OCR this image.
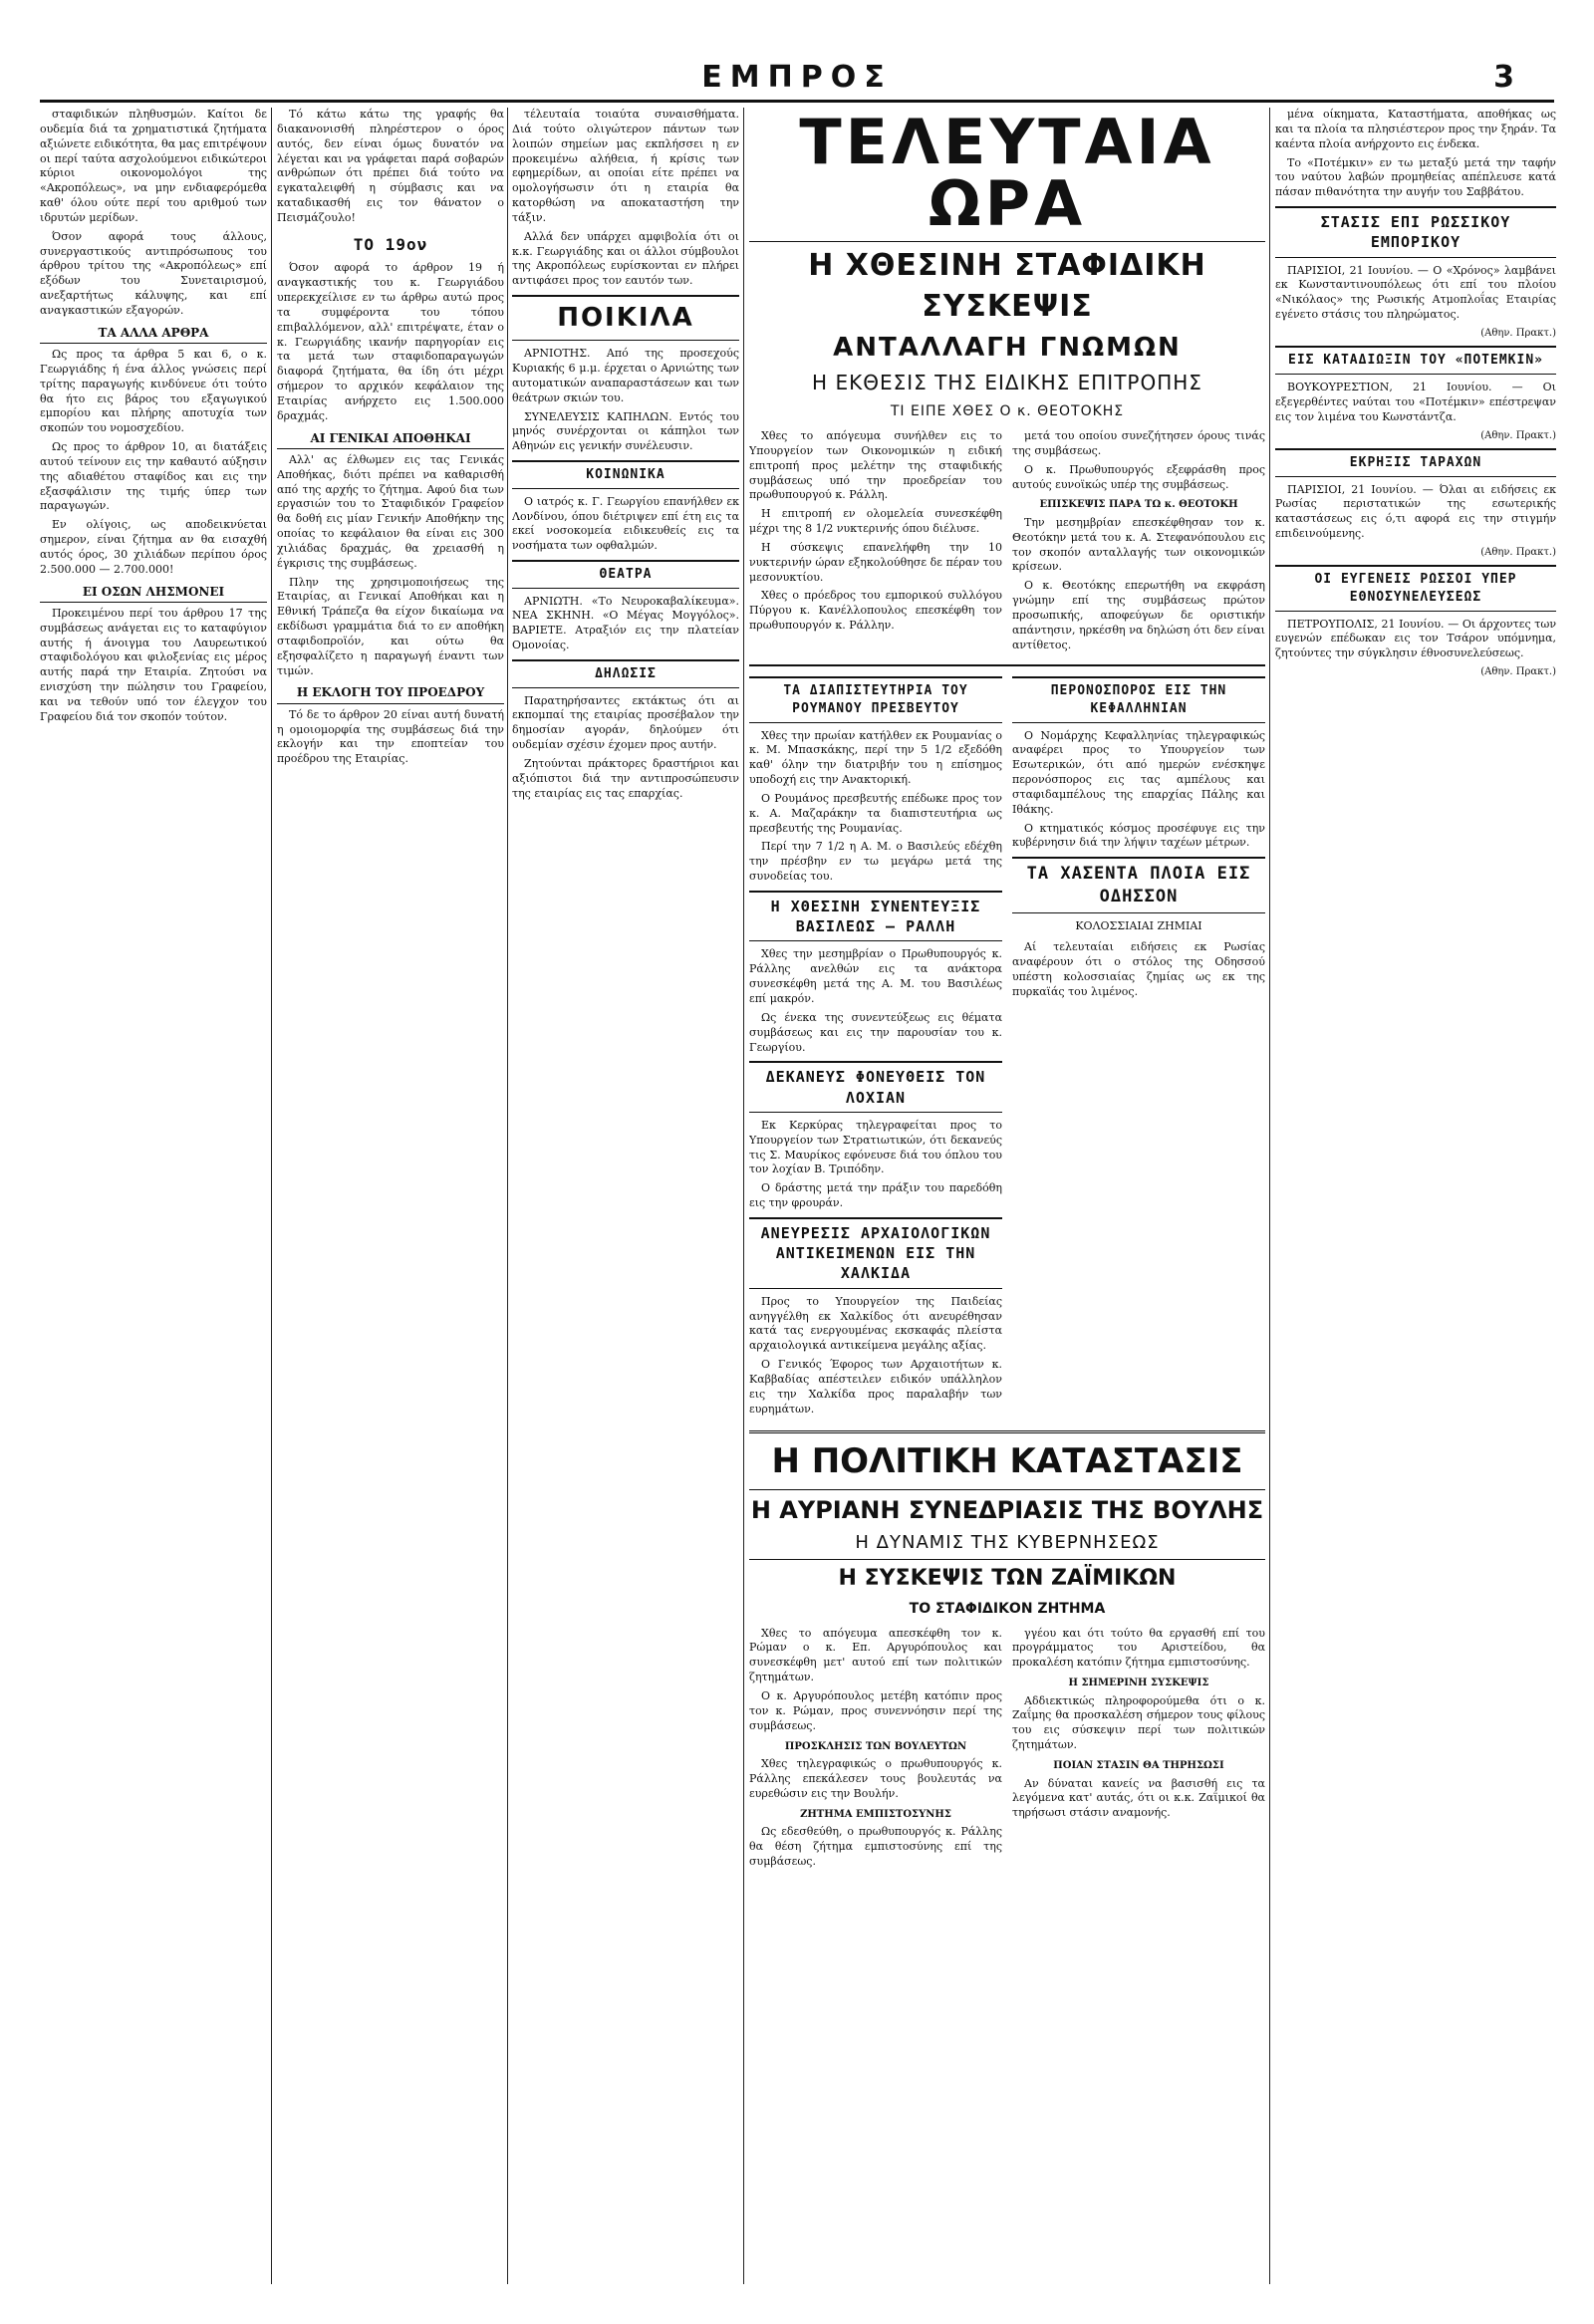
ΕΜΠΡΟΣ	3

σταφιδικών πληθυσμών. Καίτοι δε ουδεμία διά τα χρηματιστικά ζητήματα αξιώνετε ειδικότητα, θα μας επιτρέψουν οι περί ταύτα ασχολούμενοι ειδικώτεροι κύριοι οικονομολόγοι της «Ακροπόλεως», να μην ενδιαφερόμεθα καθ' όλου ούτε περί του αριθμού των ιδρυτών μερίδων.

Όσον αφορά τους άλλους, συνεργαστικούς αντιπρόσωπους του άρθρου τρίτου της «Ακροπόλεως» επί εξόδων του Συνεταιρισμού, ανεξαρτήτως κάλυψης, και επί αναγκαστικών εξαγορών.

ΤΑ ΑΛΛΑ ΑΡΘΡΑ

Ως προς τα άρθρα 5 και 6, ο κ. Γεωργιάδης ή ένα άλλος γνώσεις περί τρίτης παραγωγής κινδύνευε ότι τούτο θα ήτο εις βάρος του εξαγωγικού εμπορίου και πλήρης αποτυχία των σκοπών του νομοσχεδίου.

Ως προς το άρθρον 10, αι διατάξεις αυτού τείνουν εις την καθαυτό αύξησιν της αδιαθέτου σταφίδος και εις την εξασφάλισιν της τιμής ύπερ των παραγωγών.

Εν ολίγοις, ως αποδεικνύεται σημερον, είναι ζήτημα αν θα εισαχθή αυτός όρος, 30 χιλιάδων περίπου όρος 2.500.000 — 2.700.000!

ΕΙ ΟΣΩΝ ΛΗΣΜΟΝΕΙ

Προκειμένου περί του άρθρου 17 της συμβάσεως ανάγεται εις το καταφύγιον αυτής ή άνοιγμα του Λαυρεωτικού σταφιδολόγου και φιλοξενίας εις μέρος αυτής παρά την Εταιρία. Ζητούσι να ενισχύση την πώλησιν του Γραφείου, και να τεθούν υπό τον έλεγχον του Γραφείου διά τον σκοπόν τούτον.

Τό κάτω κάτω της γραφής θα διακανονισθή πληρέστερον ο όρος αυτός, δεν είναι όμως δυνατόν να λέγεται και να γράφεται παρά σοβαρών ανθρώπων ότι πρέπει διά τούτο να εγκαταλειφθή η σύμβασις και να καταδικασθή εις τον θάνατον ο Πεισμάζουλο!

ΤΟ 19ον

Όσον αφορά το άρθρον 19 ή αναγκαστικής του κ. Γεωργιάδου υπερεκχείλισε εν τω άρθρω αυτώ προς τα συμφέροντα του τόπου επιβαλλόμενον, αλλ' επιτρέψατε, έταν ο κ. Γεωργιάδης ικανήν παρηγορίαν εις τα μετά των σταφιδοπαραγωγών διαφορά ζητήματα, θα ίδη ότι μέχρι σήμερον το αρχικόν κεφάλαιον της Εταιρίας ανήρχετο εις 1.500.000 δραχμάς.

ΑΙ ΓΕΝΙΚΑΙ ΑΠΟΘΗΚΑΙ

Αλλ' ας έλθωμεν εις τας Γενικάς Αποθήκας, διότι πρέπει να καθαρισθή από της αρχής το ζήτημα. Αφού δια των εργασιών του το Σταφιδικόν Γραφείον θα δοθή εις μίαν Γενικήν Αποθήκην της οποίας το κεφάλαιον θα είναι εις 300 χιλιάδας δραχμάς, θα χρειασθή η έγκρισις της συμβάσεως.

Πλην της χρησιμοποιήσεως της Εταιρίας, αι Γενικαί Αποθήκαι και η Εθνική Τράπεζα θα είχον δικαίωμα να εκδίδωσι γραμμάτια διά το εν αποθήκη σταφιδοπροϊόν, και ούτω θα εξησφαλίζετο η παραγωγή έναντι των τιμών.

Η ΕΚΛΟΓΗ ΤΟΥ ΠΡΟΕΔΡΟΥ

Τό δε το άρθρον 20 είναι αυτή δυνατή η ομοιομορφία της συμβάσεως διά την εκλογήν και την εποπτείαν του προέδρου της Εταιρίας.

τέλευταία τοιαύτα συναισθήματα. Διά τούτο ολιγώτερον πάντων των λοιπών σημείων μας εκπλήσσει η εν προκειμένω αλήθεια, ή κρίσις των εφημερίδων, αι οποίαι είτε πρέπει να ομολογήσωσιν ότι η εταιρία θα κατορθώση να αποκαταστήση την τάξιν.

Αλλά δεν υπάρχει αμφιβολία ότι οι κ.κ. Γεωργιάδης και οι άλλοι σύμβουλοι της Ακροπόλεως ευρίσκονται εν πλήρει αντιφάσει προς τον εαυτόν των.

ΠΟΙΚΙΛΑ

ΑΡΝΙΟΤΗΣ. Από της προσεχούς Κυριακής 6 μ.μ. έρχεται ο Αρνιώτης των αυτοματικών αναπαραστάσεων και των θεάτρων σκιών του.

ΣΥΝΕΛΕΥΣΙΣ ΚΑΠΗΛΩΝ. Εντός του μηνός συνέρχονται οι κάπηλοι των Αθηνών εις γενικήν συνέλευσιν.

ΚΟΙΝΩΝΙΚΑ

Ο ιατρός κ. Γ. Γεωργίου επανήλθεν εκ Λονδίνου, όπου διέτριψεν επί έτη εις τα εκεί νοσοκομεία ειδικευθείς εις τα νοσήματα των οφθαλμών.

ΘΕΑΤΡΑ

ΑΡΝΙΩΤΗ. «Το Νευροκαβαλίκευμα». ΝΕΑ ΣΚΗΝΗ. «Ο Μέγας Μογγόλος». ΒΑΡΙΕΤΕ. Ατραξιόν εις την πλατείαν Ομονοίας.

ΔΗΛΩΣΙΣ

Παρατηρήσαντες εκτάκτως ότι αι εκπομπαί της εταιρίας προσέβαλον την δημοσίαν αγοράν, δηλούμεν ότι ουδεμίαν σχέσιν έχομεν προς αυτήν.

Ζητούνται πράκτορες δραστήριοι και αξιόπιστοι διά την αντιπροσώπευσιν της εταιρίας εις τας επαρχίας.

ΤΕΛΕΥΤΑΙΑ ΩΡΑ
Η ΧΘΕΣΙΝΗ ΣΤΑΦΙΔΙΚΗ ΣΥΣΚΕΨΙΣ
ΑΝΤΑΛΛΑΓΗ ΓΝΩΜΩΝ
Η ΕΚΘΕΣΙΣ ΤΗΣ ΕΙΔΙΚΗΣ ΕΠΙΤΡΟΠΗΣ
ΤΙ ΕΙΠΕ ΧΘΕΣ Ο κ. ΘΕΟΤΟΚΗΣ

Χθες το απόγευμα συνήλθεν εις το Υπουργείον των Οικονομικών η ειδική επιτροπή προς μελέτην της σταφιδικής συμβάσεως υπό την προεδρείαν του πρωθυπουργού κ. Ράλλη.

Η επιτροπή εν ολομελεία συνεσκέφθη μέχρι της 8 1/2 νυκτερινής όπου διέλυσε.

Η σύσκεψις επανελήφθη την 10 νυκτερινήν ώραν εξηκολούθησε δε πέραν του μεσονυκτίου.

Χθες ο πρόεδρος του εμπορικού συλλόγου Πύργου κ. Κανέλλοπουλος επεσκέφθη τον πρωθυπουργόν κ. Ράλλην.

μετά του οποίου συνεζήτησεν όρους τινάς της συμβάσεως.

Ο κ. Πρωθυπουργός εξεφράσθη προς αυτούς ευνοϊκώς υπέρ της συμβάσεως.

ΕΠΙΣΚΕΨΙΣ ΠΑΡΑ ΤΩ κ. ΘΕΟΤΟΚΗ

Την μεσημβρίαν επεσκέφθησαν τον κ. Θεοτόκην μετά του κ. Α. Στεφανόπουλου εις τον σκοπόν ανταλλαγής των οικονομικών κρίσεων.

Ο κ. Θεοτόκης επερωτήθη να εκφράση γνώμην επί της συμβάσεως πρώτον προσωπικής, αποφεύγων δε οριστικήν απάντησιν, ηρκέσθη να δηλώση ότι δεν είναι αντίθετος.

ΤΑ ΔΙΑΠΙΣΤΕΥΤΗΡΙΑ ΤΟΥ ΡΟΥΜΑΝΟΥ ΠΡΕΣΒΕΥΤΟΥ

Χθες την πρωίαν κατήλθεν εκ Ρουμανίας ο κ. Μ. Μπασκάκης, περί την 5 1/2 εξεδόθη καθ' όλην την διατριβήν του η επίσημος υποδοχή εις την Ανακτορική.

Ο Ρουμάνος πρεσβευτής επέδωκε προς τον κ. Α. Μαζαράκην τα διαπιστευτήρια ως πρεσβευτής της Ρουμανίας.

Περί την 7 1/2 η Α. Μ. ο Βασιλεύς εδέχθη την πρέσβην εν τω μεγάρω μετά της συνοδείας του.

Η ΧΘΕΣΙΝΗ ΣΥΝΕΝΤΕΥΞΙΣ ΒΑΣΙΛΕΩΣ — ΡΑΛΛΗ

Χθες την μεσημβρίαν ο Πρωθυπουργός κ. Ράλλης ανελθών εις τα ανάκτορα συνεσκέφθη μετά της Α. Μ. του Βασιλέως επί μακρόν.

Ως ένεκα της συνεντεύξεως εις θέματα συμβάσεως και εις την παρουσίαν του κ. Γεωργίου.

ΔΕΚΑΝΕΥΣ ΦΟΝΕΥΘΕΙΣ ΤΟΝ ΛΟΧΙΑΝ

Εκ Κερκύρας τηλεγραφείται προς το Υπουργείον των Στρατιωτικών, ότι δεκανεύς τις Σ. Μαυρίκος εφόνευσε διά του όπλου του τον λοχίαν Β. Τριπόδην.

Ο δράστης μετά την πράξιν του παρεδόθη εις την φρουράν.

ΑΝΕΥΡΕΣΙΣ ΑΡΧΑΙΟΛΟΓΙΚΩΝ ΑΝΤΙΚΕΙΜΕΝΩΝ ΕΙΣ ΤΗΝ ΧΑΛΚΙΔΑ

Προς το Υπουργείον της Παιδείας ανηγγέλθη εκ Χαλκίδος ότι ανευρέθησαν κατά τας ενεργουμένας εκσκαφάς πλείστα αρχαιολογικά αντικείμενα μεγάλης αξίας.

Ο Γενικός Έφορος των Αρχαιοτήτων κ. Καββαδίας απέστειλεν ειδικόν υπάλληλον εις την Χαλκίδα προς παραλαβήν των ευρημάτων.

ΠΕΡΟΝΟΣΠΟΡΟΣ ΕΙΣ ΤΗΝ ΚΕΦΑΛΛΗΝΙΑΝ

Ο Νομάρχης Κεφαλληνίας τηλεγραφικώς αναφέρει προς το Υπουργείον των Εσωτερικών, ότι από ημερών ενέσκηψε περονόσπορος εις τας αμπέλους και σταφιδαμπέλους της επαρχίας Πάλης και Ιθάκης.

Ο κτηματικός κόσμος προσέφυγε εις την κυβέρνησιν διά την λήψιν ταχέων μέτρων.

ΤΑ ΧΑΣΕΝΤΑ ΠΛΟΙΑ ΕΙΣ ΟΔΗΣΣΟΝ
ΚΟΛΟΣΣΙΑΙΑΙ ΖΗΜΙΑΙ

Αί τελευταίαι ειδήσεις εκ Ρωσίας αναφέρουν ότι ο στόλος της Οδησσού υπέστη κολοσσιαίας ζημίας ως εκ της πυρκαϊάς του λιμένος.

Η ΠΟΛΙΤΙΚΗ ΚΑΤΑΣΤΑΣΙΣ
Η ΑΥΡΙΑΝΗ ΣΥΝΕΔΡΙΑΣΙΣ ΤΗΣ ΒΟΥΛΗΣ
Η ΔΥΝΑΜΙΣ ΤΗΣ ΚΥΒΕΡΝΗΣΕΩΣ
Η ΣΥΣΚΕΨΙΣ ΤΩΝ ΖΑΪΜΙΚΩΝ
ΤΟ ΣΤΑΦΙΔΙΚΟΝ ΖΗΤΗΜΑ

Χθες το απόγευμα απεσκέφθη τον κ. Ρώμαν ο κ. Επ. Αργυρόπουλος και συνεσκέφθη μετ' αυτού επί των πολιτικών ζητημάτων.

Ο κ. Αργυρόπουλος μετέβη κατόπιν προς τον κ. Ρώμαν, προς συνεννόησιν περί της συμβάσεως.

ΠΡΟΣΚΛΗΣΙΣ ΤΩΝ ΒΟΥΛΕΥΤΩΝ

Χθες τηλεγραφικώς ο πρωθυπουργός κ. Ράλλης επεκάλεσεν τους βουλευτάς να ευρεθώσιν εις την Βουλήν.

ΖΗΤΗΜΑ ΕΜΠΙΣΤΟΣΥΝΗΣ

Ως εδεσθεύθη, ο πρωθυπουργός κ. Ράλλης θα θέση ζήτημα εμπιστοσύνης επί της συμβάσεως.

γγέου και ότι τούτο θα εργασθή επί του προγράμματος του Αριστείδου, θα προκαλέση κατόπιν ζήτημα εμπιστοσύνης.

Η ΣΗΜΕΡΙΝΗ ΣΥΣΚΕΨΙΣ

Αδδιεκτικώς πληροφορούμεθα ότι ο κ. Ζαΐμης θα προσκαλέση σήμερον τους φίλους του εις σύσκεψιν περί των πολιτικών ζητημάτων.

ΠΟΙΑΝ ΣΤΑΣΙΝ ΘΑ ΤΗΡΗΣΩΣΙ

Αν δύναται κανείς να βασισθή εις τα λεγόμενα κατ' αυτάς, ότι οι κ.κ. Ζαΐμικοί θα τηρήσωσι στάσιν αναμονής.

μένα οίκηματα, Καταστήματα, αποθήκας ως και τα πλοία τα πλησιέστερον προς την ξηράν. Τα καέντα πλοία ανήρχοντο εις ένδεκα.

Το «Ποτέμκιν» εν τω μεταξύ μετά την ταφήν του ναύτου λαβών προμηθείας απέπλευσε κατά πάσαν πιθανότητα την αυγήν του Σαββάτου.

ΣΤΑΣΙΣ ΕΠΙ ΡΩΣΣΙΚΟΥ ΕΜΠΟΡΙΚΟΥ

ΠΑΡΙΣΙΟΙ, 21 Ιουνίου. — Ο «Χρόνος» λαμβάνει εκ Κωνσταντινουπόλεως ότι επί του πλοίου «Νικόλαος» της Ρωσικής Ατμοπλοΐας Εταιρίας εγένετο στάσις του πληρώματος.

(Αθην. Πρακτ.)
ΕΙΣ ΚΑΤΑΔΙΩΞΙΝ ΤΟΥ «ΠΟΤΕΜΚΙΝ»

ΒΟΥΚΟΥΡΕΣΤΙΟΝ, 21 Ιουνίου. — Οι εξεγερθέντες ναύται του «Ποτέμκιν» επέστρεψαν εις τον λιμένα του Κωνστάντζα.

(Αθην. Πρακτ.)
ΕΚΡΗΞΙΣ ΤΑΡΑΧΩΝ

ΠΑΡΙΣΙΟΙ, 21 Ιουνίου. — Όλαι αι ειδήσεις εκ Ρωσίας περιστατικών της εσωτερικής καταστάσεως εις ό,τι αφορά εις την στιγμήν επιδεινούμενης.

(Αθην. Πρακτ.)
ΟΙ ΕΥΓΕΝΕΙΣ ΡΩΣΣΟΙ ΥΠΕΡ ΕΘΝΟΣΥΝΕΛΕΥΣΕΩΣ

ΠΕΤΡΟΥΠΟΛΙΣ, 21 Ιουνίου. — Οι άρχοντες των ευγενών επέδωκαν εις τον Τσάρον υπόμνημα, ζητούντες την σύγκλησιν έθνοσυνελεύσεως.

(Αθην. Πρακτ.)
